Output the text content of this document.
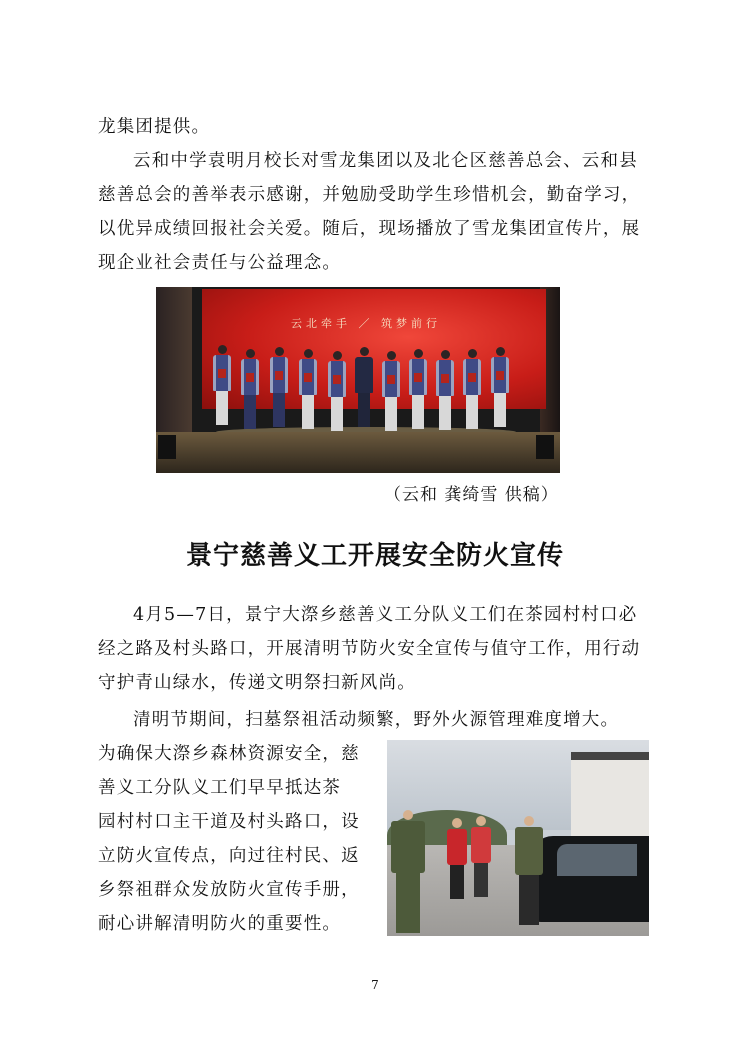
龙集团提供。

云和中学袁明月校长对雪龙集团以及北仑区慈善总会、云和县慈善总会的善举表示感谢，并勉励受助学生珍惜机会，勤奋学习，以优异成绩回报社会关爱。随后，现场播放了雪龙集团宣传片，展现企业社会责任与公益理念。

云北牵手 ／ 筑梦前行
（云和 龚绮雪 供稿）
景宁慈善义工开展安全防火宣传

4月5—7日，景宁大漈乡慈善义工分队义工们在茶园村村口必经之路及村头路口，开展清明节防火安全宣传与值守工作，用行动守护青山绿水，传递文明祭扫新风尚。

清明节期间，扫墓祭祖活动频繁，野外火源管理难度增大。

为确保大漈乡森林资源安全，慈
善义工分队义工们早早抵达茶
园村村口主干道及村头路口，设
立防火宣传点，向过往村民、返
乡祭祖群众发放防火宣传手册，
耐心讲解清明防火的重要性。
7
